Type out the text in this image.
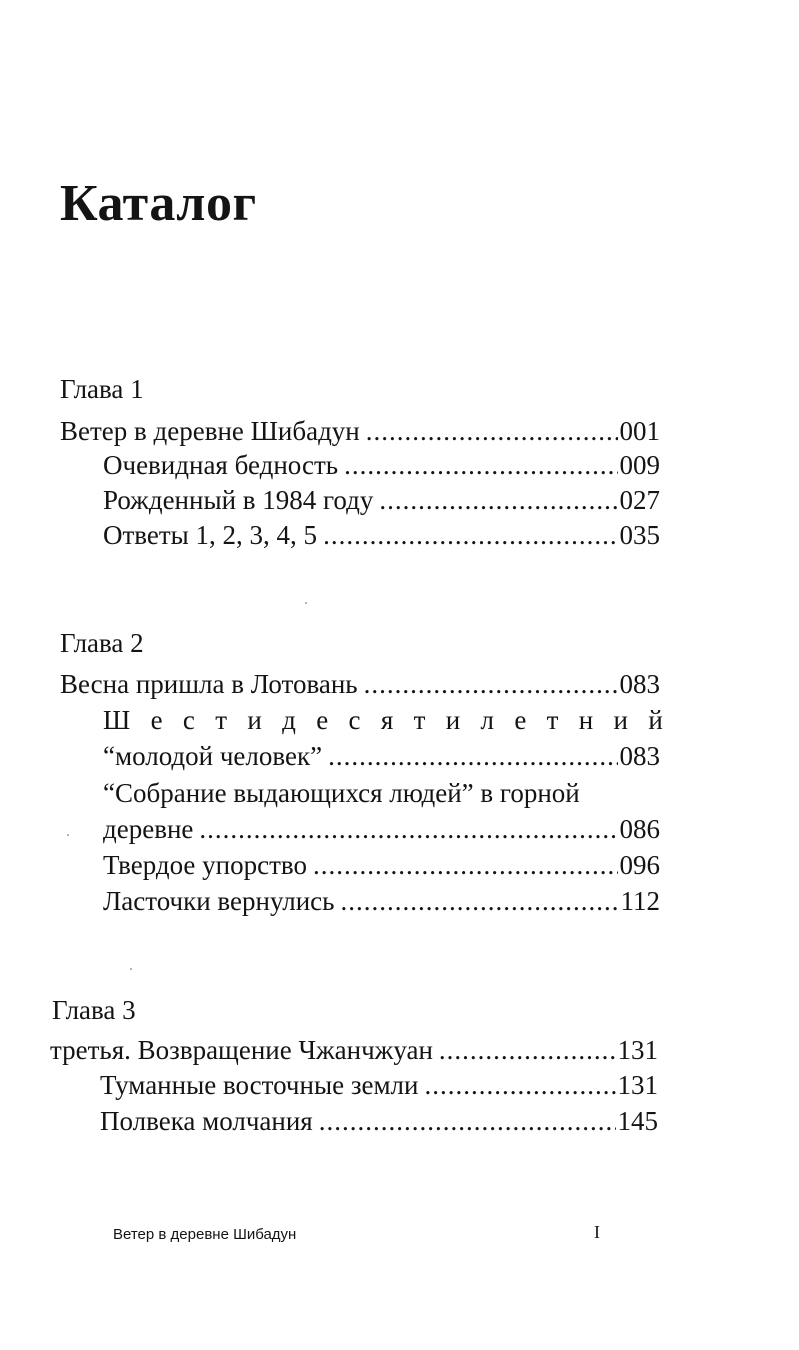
Каталог
Глава 1
Ветер в деревне Шибадун .....	001
Очевидная бедность .....	009
Рожденный в 1984 году .....	027
Ответы 1, 2, 3, 4, 5 .....	035
Глава 2
Весна пришла в Лотовань .....	083
Ш е с т и д е с я т и л е т н и й
“молодой человек” .....	083
“Собрание выдающихся людей” в горной
деревне .....	086
Твердое упорство .....	096
Ласточки вернулись .....	112
Глава 3
третья. Возвращение Чжанчжуан .....	131
Туманные восточные земли .....	131
Полвека молчания .....	145
Ветер в деревне Шибадун	I
